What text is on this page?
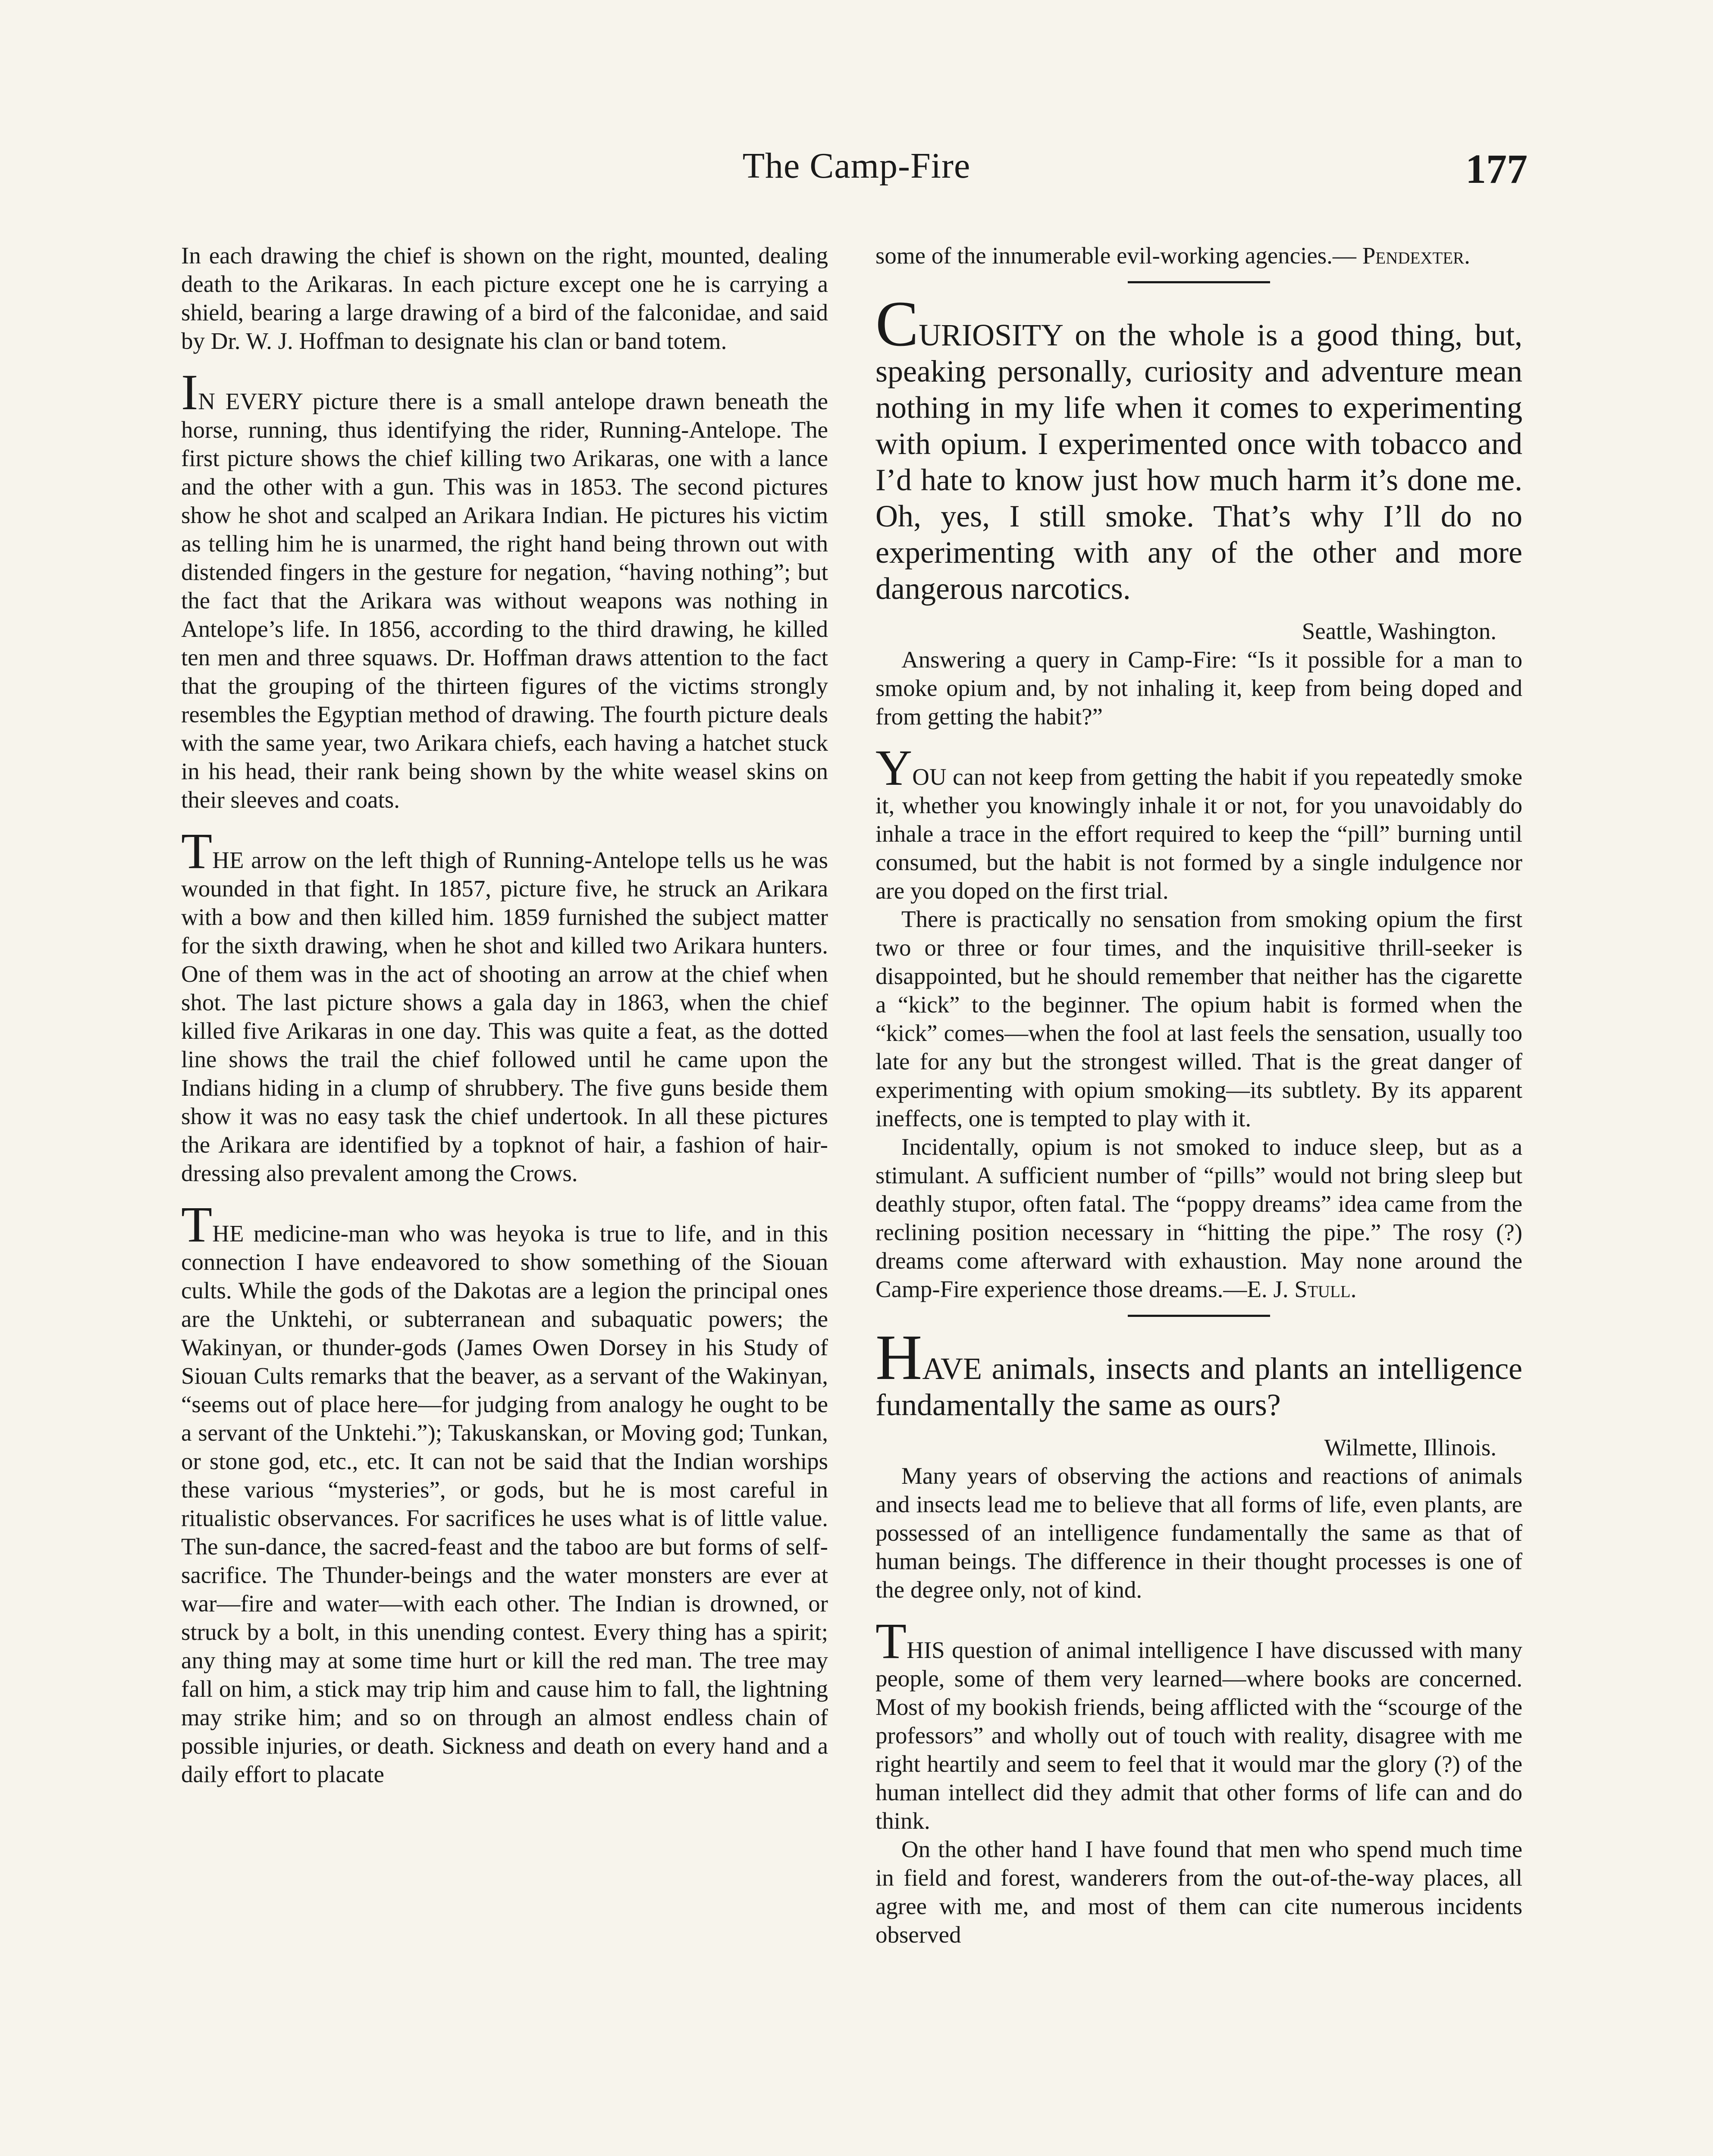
The Camp-Fire	177

In each drawing the chief is shown on the right, mounted, dealing death to the Arikaras. In each picture except one he is carrying a shield, bearing a large drawing of a bird of the falconidae, and said by Dr. W. J. Hoffman to designate his clan or band totem.

IN EVERY picture there is a small antelope drawn beneath the horse, running, thus identifying the rider, Running-Antelope. The first picture shows the chief killing two Arikaras, one with a lance and the other with a gun. This was in 1853. The second pictures show he shot and scalped an Arikara Indian. He pictures his victim as telling him he is unarmed, the right hand being thrown out with distended fingers in the gesture for negation, “having nothing”; but the fact that the Arikara was without weapons was nothing in Antelope’s life. In 1856, according to the third drawing, he killed ten men and three squaws. Dr. Hoffman draws attention to the fact that the grouping of the thirteen figures of the victims strongly resembles the Egyptian method of drawing. The fourth picture deals with the same year, two Arikara chiefs, each having a hatchet stuck in his head, their rank being shown by the white weasel skins on their sleeves and coats.

THE arrow on the left thigh of Running-Antelope tells us he was wounded in that fight. In 1857, picture five, he struck an Arikara with a bow and then killed him. 1859 furnished the subject matter for the sixth drawing, when he shot and killed two Arikara hunters. One of them was in the act of shooting an arrow at the chief when shot. The last picture shows a gala day in 1863, when the chief killed five Arikaras in one day. This was quite a feat, as the dotted line shows the trail the chief followed until he came upon the Indians hiding in a clump of shrubbery. The five guns beside them show it was no easy task the chief undertook. In all these pictures the Arikara are identified by a topknot of hair, a fashion of hair-dressing also prevalent among the Crows.

THE medicine-man who was heyoka is true to life, and in this connection I have endeavored to show something of the Siouan cults. While the gods of the Dakotas are a legion the principal ones are the Unktehi, or subterranean and subaquatic powers; the Wakinyan, or thunder-gods (James Owen Dorsey in his Study of Siouan Cults remarks that the beaver, as a servant of the Wakinyan, “seems out of place here—for judging from analogy he ought to be a servant of the Unktehi.”); Takuskanskan, or Moving god; Tunkan, or stone god, etc., etc. It can not be said that the Indian worships these various “mysteries”, or gods, but he is most careful in ritualistic observances. For sacrifices he uses what is of little value. The sun-dance, the sacred-feast and the taboo are but forms of self-sacrifice. The Thunder-beings and the water monsters are ever at war—fire and water—with each other. The Indian is drowned, or struck by a bolt, in this unending contest. Every thing has a spirit; any thing may at some time hurt or kill the red man. The tree may fall on him, a stick may trip him and cause him to fall, the lightning may strike him; and so on through an almost endless chain of possible injuries, or death. Sickness and death on every hand and a daily effort to placate

some of the innumerable evil-working agencies.— Pendexter.

CURIOSITY on the whole is a good thing, but, speaking personally, curiosity and adventure mean nothing in my life when it comes to experimenting with opium. I experimented once with tobacco and I’d hate to know just how much harm it’s done me. Oh, yes, I still smoke. That’s why I’ll do no experimenting with any of the other and more dangerous narcotics.

Seattle, Washington.

Answering a query in Camp-Fire: “Is it possible for a man to smoke opium and, by not inhaling it, keep from being doped and from getting the habit?”

YOU can not keep from getting the habit if you repeatedly smoke it, whether you knowingly inhale it or not, for you unavoidably do inhale a trace in the effort required to keep the “pill” burning until consumed, but the habit is not formed by a single indulgence nor are you doped on the first trial.

There is practically no sensation from smoking opium the first two or three or four times, and the inquisitive thrill-seeker is disappointed, but he should remember that neither has the cigarette a “kick” to the beginner. The opium habit is formed when the “kick” comes—when the fool at last feels the sensation, usually too late for any but the strongest willed. That is the great danger of experimenting with opium smoking—its subtlety. By its apparent ineffects, one is tempted to play with it.

Incidentally, opium is not smoked to induce sleep, but as a stimulant. A sufficient number of “pills” would not bring sleep but deathly stupor, often fatal. The “poppy dreams” idea came from the reclining position necessary in “hitting the pipe.” The rosy (?) dreams come afterward with exhaustion. May none around the Camp-Fire experience those dreams.—E. J. Stull.

HAVE animals, insects and plants an intelligence fundamentally the same as ours?

Wilmette, Illinois.

Many years of observing the actions and reactions of animals and insects lead me to believe that all forms of life, even plants, are possessed of an intelligence fundamentally the same as that of human beings. The difference in their thought processes is one of the degree only, not of kind.

THIS question of animal intelligence I have discussed with many people, some of them very learned—where books are concerned. Most of my bookish friends, being afflicted with the “scourge of the professors” and wholly out of touch with reality, disagree with me right heartily and seem to feel that it would mar the glory (?) of the human intellect did they admit that other forms of life can and do think.

On the other hand I have found that men who spend much time in field and forest, wanderers from the out-of-the-way places, all agree with me, and most of them can cite numerous incidents observed
